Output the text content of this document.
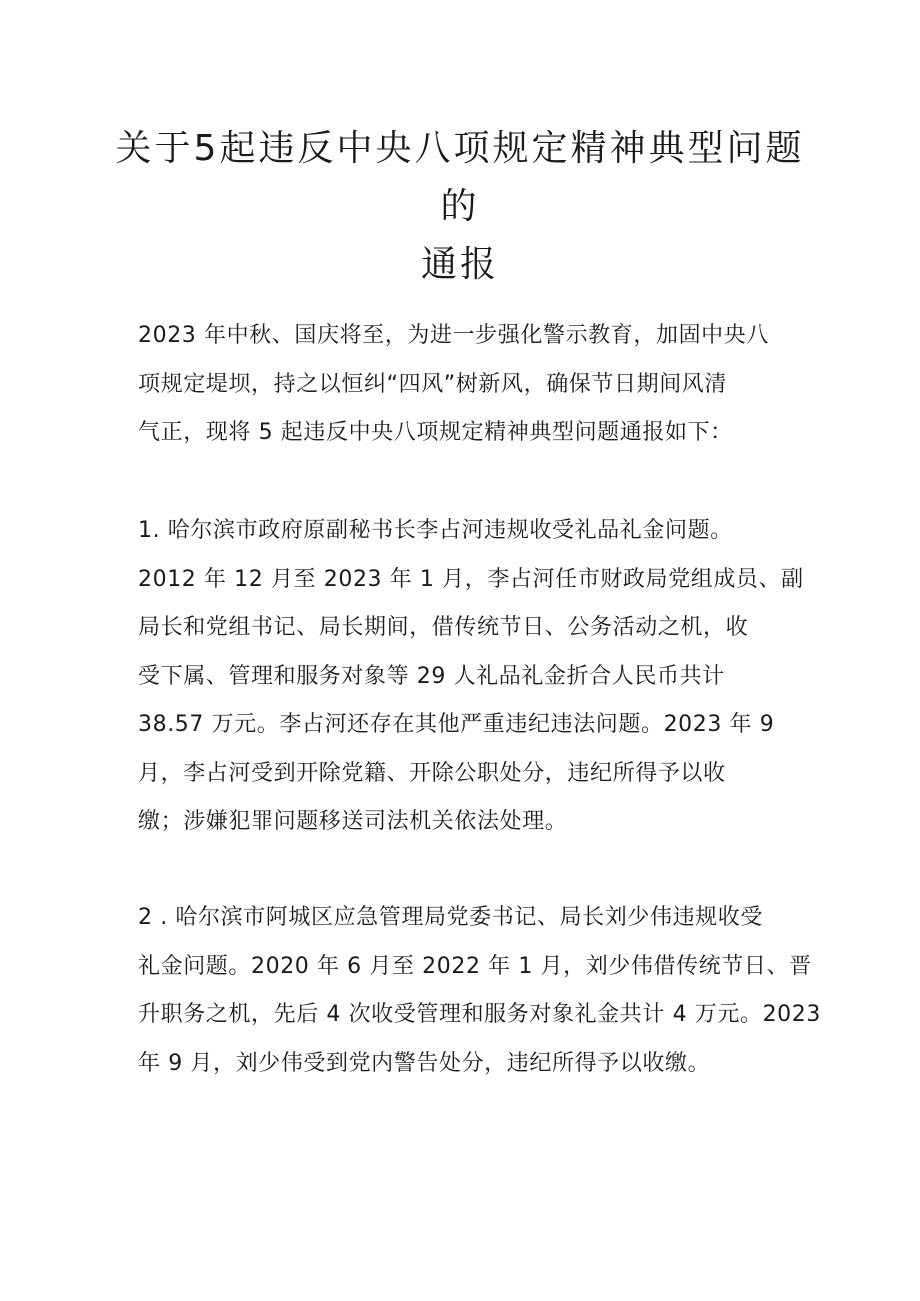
关于5起违反中央八项规定精神典型问题的
通报
2023 年中秋、国庆将至，为进一步强化警示教育，加固中央八
项规定堤坝，持之以恒纠“四风”树新风，确保节日期间风清
气正，现将 5 起违反中央八项规定精神典型问题通报如下：
1. 哈尔滨市政府原副秘书长李占河违规收受礼品礼金问题。
2012 年 12 月至 2023 年 1 月，李占河任市财政局党组成员、副
局长和党组书记、局长期间，借传统节日、公务活动之机，收
受下属、管理和服务对象等 29 人礼品礼金折合人民币共计
38.57 万元。李占河还存在其他严重违纪违法问题。2023 年 9
月，李占河受到开除党籍、开除公职处分，违纪所得予以收
缴；涉嫌犯罪问题移送司法机关依法处理。
2 . 哈尔滨市阿城区应急管理局党委书记、局长刘少伟违规收受
礼金问题。2020 年 6 月至 2022 年 1 月，刘少伟借传统节日、晋
升职务之机，先后 4 次收受管理和服务对象礼金共计 4 万元。2023
年 9 月，刘少伟受到党内警告处分，违纪所得予以收缴。
